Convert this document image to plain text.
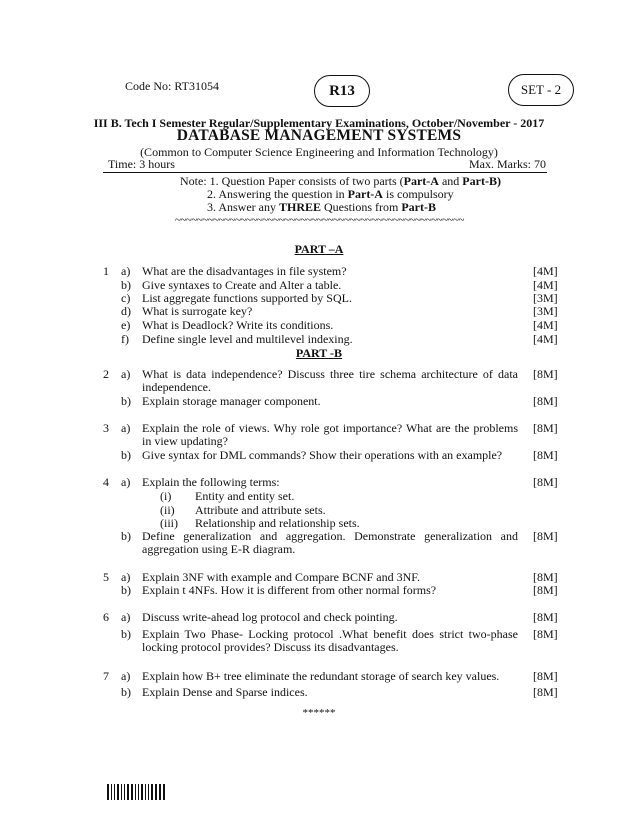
Code No: RT31054	R13	SET - 2
III B. Tech I Semester Regular/Supplementary Examinations, October/November - 2017
DATABASE MANAGEMENT SYSTEMS
(Common to Computer Science Engineering and Information Technology)
Time: 3 hours	Max. Marks: 70
Note: 1. Question Paper consists of two parts (Part-A and Part-B)
2. Answering the question in Part-A is compulsory
3. Answer any THREE Questions from Part-B
~~~~~~~~~~~~~~~~~~~~~~~~~~~~~~~~~~~~~~~~~~~~~~~~~~~~~
PART –A
1 a) What are the disadvantages in file system?	[4M]
b) Give syntaxes to Create and Alter a table.	[4M]
c) List aggregate functions supported by SQL.	[3M]
d) What is surrogate key?	[3M]
e) What is Deadlock? Write its conditions.	[4M]
f) Define single level and multilevel indexing.	[4M]
PART -B
2 a) What is data independence? Discuss three tire schema architecture of data independence.
[8M]
b) Explain storage manager component.	[8M]
3 a) Explain the role of views. Why role got importance? What are the problems in view updating?
[8M]
b) Give syntax for DML commands? Show their operations with an example?	[8M]
4 a) Explain the following terms:	[8M]
(i) Entity and entity set.
(ii) Attribute and attribute sets.
(iii) Relationship and relationship sets.
b) Define generalization and aggregation. Demonstrate generalization and aggregation using E-R diagram.
[8M]
5 a) Explain 3NF with example and Compare BCNF and 3NF.	[8M]
b) Explain t 4NFs. How it is different from other normal forms?	[8M]
6 a) Discuss write-ahead log protocol and check pointing.	[8M]
b) Explain Two Phase- Locking protocol .What benefit does strict two-phase locking protocol provides? Discuss its disadvantages.
[8M]
7 a) Explain how B+ tree eliminate the redundant storage of search key values.	[8M]
b) Explain Dense and Sparse indices.	[8M]
******
